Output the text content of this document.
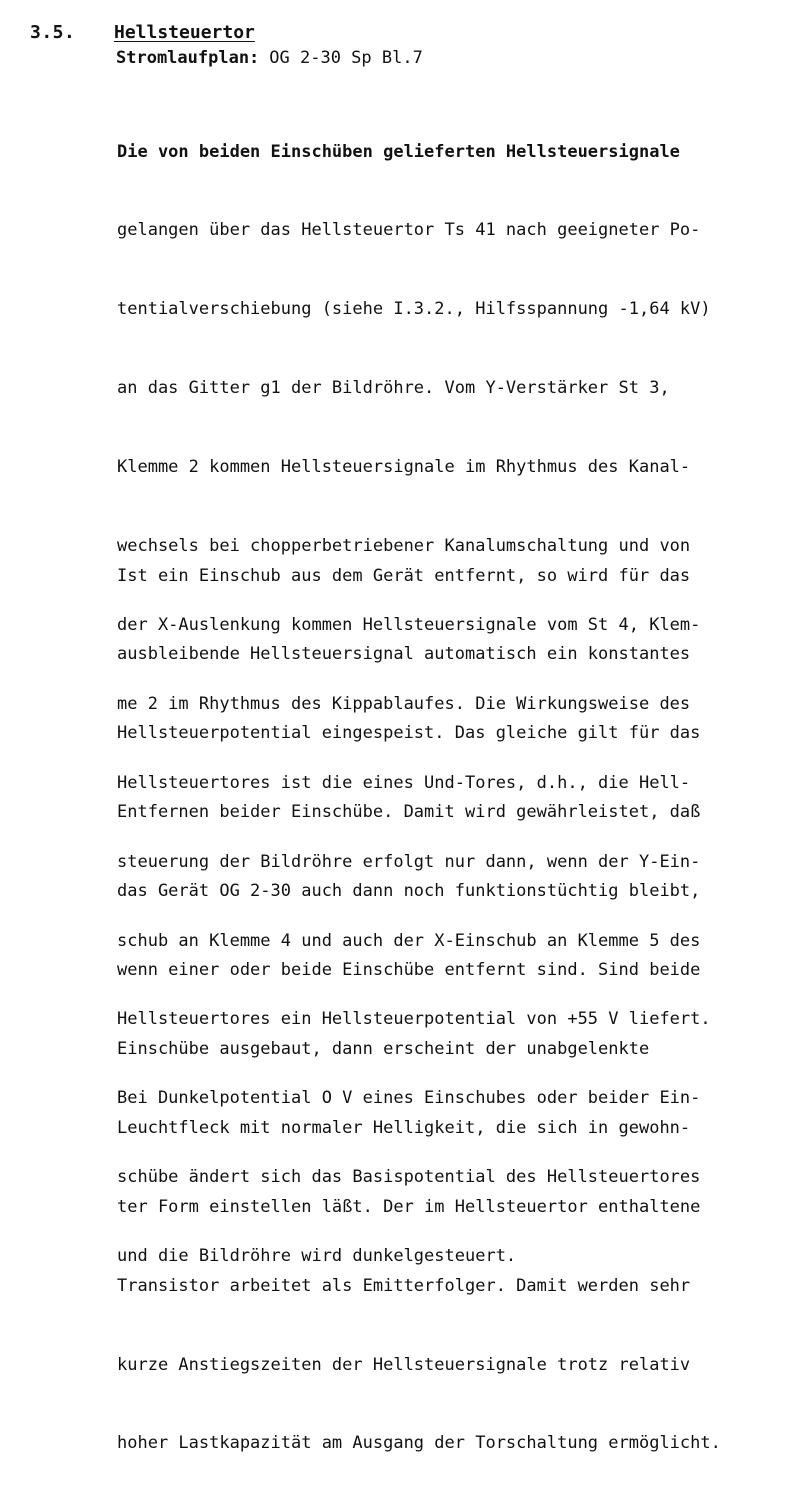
3.5. Hellsteuertor
Stromlaufplan: OG 2-30 Sp Bl.7

Die von beiden Einschüben gelieferten Hellsteuersignale

gelangen über das Hellsteuertor Ts 41 nach geeigneter Po-

tentialverschiebung (siehe I.3.2., Hilfsspannung -1,64 kV)

an das Gitter g1 der Bildröhre. Vom Y-Verstärker St 3,

Klemme 2 kommen Hellsteuersignale im Rhythmus des Kanal-

wechsels bei chopperbetriebener Kanalumschaltung und von

der X-Auslenkung kommen Hellsteuersignale vom St 4, Klem-

me 2 im Rhythmus des Kippablaufes. Die Wirkungsweise des

Hellsteuertores ist die eines Und-Tores, d.h., die Hell-

steuerung der Bildröhre erfolgt nur dann, wenn der Y-Ein-

schub an Klemme 4 und auch der X-Einschub an Klemme 5 des

Hellsteuertores ein Hellsteuerpotential von +55 V liefert.

Bei Dunkelpotential O V eines Einschubes oder beider Ein-

schübe ändert sich das Basispotential des Hellsteuertores

und die Bildröhre wird dunkelgesteuert.

Ist ein Einschub aus dem Gerät entfernt, so wird für das

ausbleibende Hellsteuersignal automatisch ein konstantes

Hellsteuerpotential eingespeist. Das gleiche gilt für das

Entfernen beider Einschübe. Damit wird gewährleistet, daß

das Gerät OG 2-30 auch dann noch funktionstüchtig bleibt,

wenn einer oder beide Einschübe entfernt sind. Sind beide

Einschübe ausgebaut, dann erscheint der unabgelenkte

Leuchtfleck mit normaler Helligkeit, die sich in gewohn-

ter Form einstellen läßt. Der im Hellsteuertor enthaltene

Transistor arbeitet als Emitterfolger. Damit werden sehr

kurze Anstiegszeiten der Hellsteuersignale trotz relativ

hoher Lastkapazität am Ausgang der Torschaltung ermöglicht.
